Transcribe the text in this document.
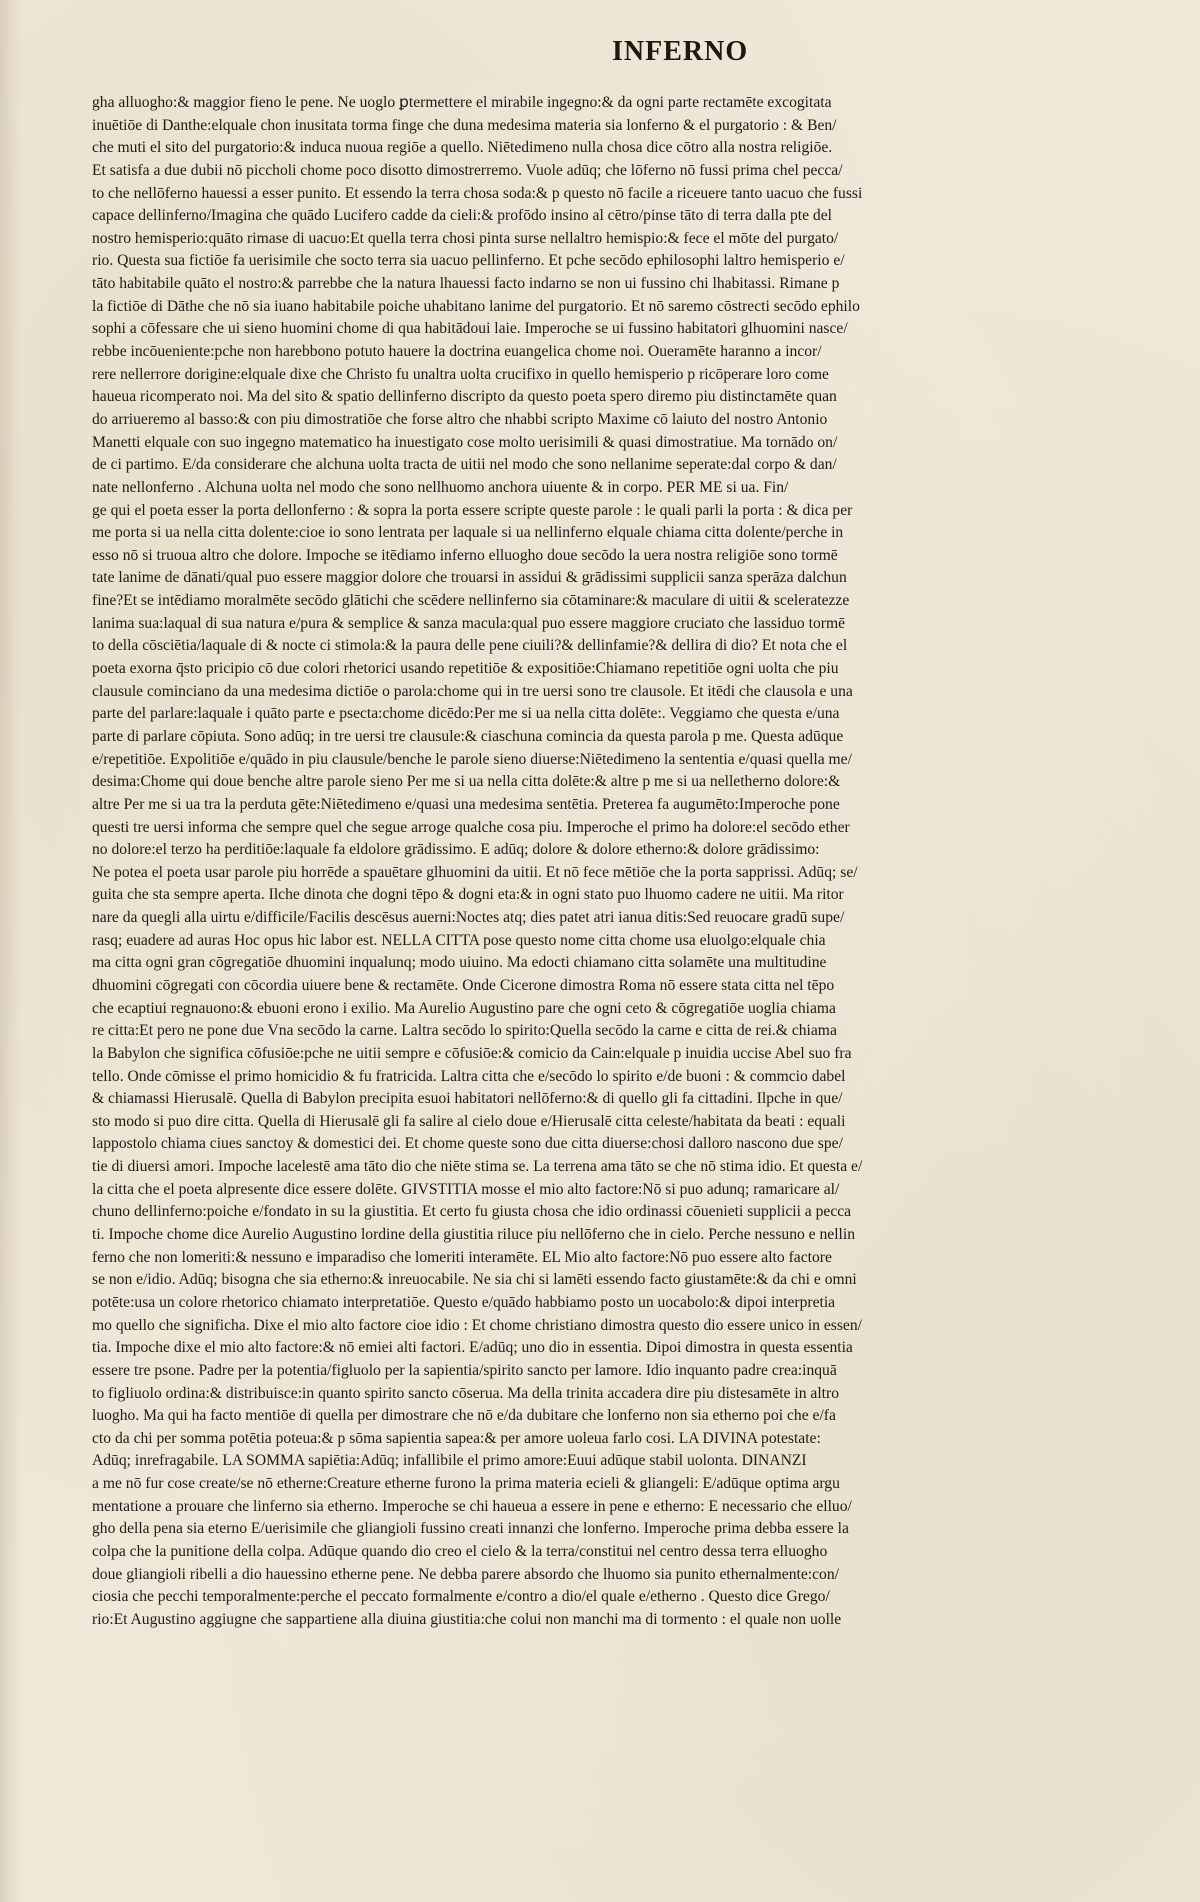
INFERNO
gha alluogho:& maggior fieno le pene. Ne uoglo ꝑtermettere el mirabile ingegno:& da ogni parte rectamēte excogitata
inuētiōe di Danthe:elquale chon inusitata torma finge che duna medesima materia sia lonferno & el purgatorio : & Ben/
che muti el sito del purgatorio:& induca nuoua regiōe a quello. Niētedimeno nulla chosa dice cōtro alla nostra religiōe.
Et satisfa a due dubii nō piccholi chome poco disotto dimostrerremo. Vuole adūq; che lōferno nō fussi prima chel pecca/
to che nellōferno hauessi a esser punito. Et essendo la terra chosa soda:& p questo nō facile a riceuere tanto uacuo che fussi
capace dellinferno/Imagina che quādo Lucifero cadde da cieli:& profōdo insino al cētro/pinse tāto di terra dalla pte del
nostro hemisperio:quāto rimase di uacuo:Et quella terra chosi pinta surse nellaltro hemispio:& fece el mōte del purgato/
rio. Questa sua fictiōe fa uerisimile che socto terra sia uacuo pellinferno. Et pche secōdo ephilosophi laltro hemisperio e/
tāto habitabile quāto el nostro:& parrebbe che la natura lhauessi facto indarno se non ui fussino chi lhabitassi. Rimane p
la fictiōe di Dāthe che nō sia iuano habitabile poiche uhabitano lanime del purgatorio. Et nō saremo cōstrecti secōdo ephilo
sophi a cōfessare che ui sieno huomini chome di qua habitādoui laie. Imperoche se ui fussino habitatori glhuomini nasce/
rebbe incōueniente:pche non harebbono potuto hauere la doctrina euangelica chome noi. Oueramēte haranno a incor/
rere nellerrore dorigine:elquale dixe che Christo fu unaltra uolta crucifixo in quello hemisperio p ricōperare loro come
haueua ricomperato noi. Ma del sito & spatio dellinferno discripto da questo poeta spero diremo piu distinctamēte quan
do arriueremo al basso:& con piu dimostratiōe che forse altro che nhabbi scripto Maxime cō laiuto del nostro Antonio
Manetti elquale con suo ingegno matematico ha inuestigato cose molto uerisimili & quasi dimostratiue. Ma tornādo on/
de ci partimo. E/da considerare che alchuna uolta tracta de uitii nel modo che sono nellanime seperate:dal corpo & dan/
nate nellonferno . Alchuna uolta nel modo che sono nellhuomo anchora uiuente & in corpo. PER ME si ua. Fin/
ge qui el poeta esser la porta dellonferno : & sopra la porta essere scripte queste parole : le quali parli la porta : & dica per
me porta si ua nella citta dolente:cioe io sono lentrata per laquale si ua nellinferno elquale chiama citta dolente/perche in
esso nō si truoua altro che dolore. Impoche se itēdiamo inferno elluogho doue secōdo la uera nostra religiōe sono tormē
tate lanime de dānati/qual puo essere maggior dolore che trouarsi in assidui & grādissimi supplicii sanza sperāza dalchun
fine?Et se intēdiamo moralmēte secōdo glātichi che scēdere nellinferno sia cōtaminare:& maculare di uitii & sceleratezze
lanima sua:laqual di sua natura e/pura & semplice & sanza macula:qual puo essere maggiore cruciato che lassiduo tormē
to della cōsciētia/laquale di & nocte ci stimola:& la paura delle pene ciuili?& dellinfamie?& dellira di dio? Et nota che el
poeta exorna q̄sto pricipio cō due colori rhetorici usando repetitiōe & expositiōe:Chiamano repetitiōe ogni uolta che piu
clausule cominciano da una medesima dictiōe o parola:chome qui in tre uersi sono tre clausole. Et itēdi che clausola e una
parte del parlare:laquale i quāto parte e psecta:chome dicēdo:Per me si ua nella citta dolēte:. Veggiamo che questa e/una
parte di parlare cōpiuta. Sono adūq; in tre uersi tre clausule:& ciaschuna comincia da questa parola p me. Questa adūque
e/repetitiōe. Expolitiōe e/quādo in piu clausule/benche le parole sieno diuerse:Niētedimeno la sententia e/quasi quella me/
desima:Chome qui doue benche altre parole sieno Per me si ua nella citta dolēte:& altre p me si ua nelletherno dolore:&
altre Per me si ua tra la perduta gēte:Niētedimeno e/quasi una medesima sentētia. Preterea fa augumēto:Imperoche pone
questi tre uersi informa che sempre quel che segue arroge qualche cosa piu. Imperoche el primo ha dolore:el secōdo ether
no dolore:el terzo ha perditiōe:laquale fa eldolore grādissimo. E adūq; dolore & dolore etherno:& dolore grādissimo:
Ne potea el poeta usar parole piu horrēde a spauētare glhuomini da uitii. Et nō fece mētiōe che la porta sapprissi. Adūq; se/
guita che sta sempre aperta. Ilche dinota che dogni tēpo & dogni eta:& in ogni stato puo lhuomo cadere ne uitii. Ma ritor
nare da quegli alla uirtu e/difficile/Facilis descēsus auerni:Noctes atq; dies patet atri ianua ditis:Sed reuocare gradū supe/
rasq; euadere ad auras Hoc opus hic labor est. NELLA CITTA pose questo nome citta chome usa eluolgo:elquale chia
ma citta ogni gran cōgregatiōe dhuomini inqualunq; modo uiuino. Ma edocti chiamano citta solamēte una multitudine
dhuomini cōgregati con cōcordia uiuere bene & rectamēte. Onde Cicerone dimostra Roma nō essere stata citta nel tēpo
che ecaptiui regnauono:& ebuoni erono i exilio. Ma Aurelio Augustino pare che ogni ceto & cōgregatiōe uoglia chiama
re citta:Et pero ne pone due Vna secōdo la carne. Laltra secōdo lo spirito:Quella secōdo la carne e citta de rei.& chiama
la Babylon che significa cōfusiōe:pche ne uitii sempre e cōfusiōe:& comicio da Cain:elquale p inuidia uccise Abel suo fra
tello. Onde cōmisse el primo homicidio & fu fratricida. Laltra citta che e/secōdo lo spirito e/de buoni : & commcio dabel
& chiamassi Hierusalē. Quella di Babylon precipita esuoi habitatori nellōferno:& di quello gli fa cittadini. Ilpche in que/
sto modo si puo dire citta. Quella di Hierusalē gli fa salire al cielo doue e/Hierusalē citta celeste/habitata da beati : equali
lappostolo chiama ciues sanctoy & domestici dei. Et chome queste sono due citta diuerse:chosi dalloro nascono due spe/
tie di diuersi amori. Impoche lacelestē ama tāto dio che niēte stima se. La terrena ama tāto se che nō stima idio. Et questa e/
la citta che el poeta alpresente dice essere dolēte. GIVSTITIA mosse el mio alto factore:Nō si puo adunq; ramaricare al/
chuno dellinferno:poiche e/fondato in su la giustitia. Et certo fu giusta chosa che idio ordinassi cōuenieti supplicii a pecca
ti. Impoche chome dice Aurelio Augustino lordine della giustitia riluce piu nellōferno che in cielo. Perche nessuno e nellin
ferno che non lomeriti:& nessuno e imparadiso che lomeriti interamēte. EL Mio alto factore:Nō puo essere alto factore
se non e/idio. Adūq; bisogna che sia etherno:& inreuocabile. Ne sia chi si lamēti essendo facto giustamēte:& da chi e omni
potēte:usa un colore rhetorico chiamato interpretatiōe. Questo e/quādo habbiamo posto un uocabolo:& dipoi interpretia
mo quello che significha. Dixe el mio alto factore cioe idio : Et chome christiano dimostra questo dio essere unico in essen/
tia. Impoche dixe el mio alto factore:& nō emiei alti factori. E/adūq; uno dio in essentia. Dipoi dimostra in questa essentia
essere tre psone. Padre per la potentia/figluolo per la sapientia/spirito sancto per lamore. Idio inquanto padre crea:inquā
to figliuolo ordina:& distribuisce:in quanto spirito sancto cōserua. Ma della trinita accadera dire piu distesamēte in altro
luogho. Ma qui ha facto mentiōe di quella per dimostrare che nō e/da dubitare che lonferno non sia etherno poi che e/fa
cto da chi per somma potētia poteua:& p sōma sapientia sapea:& per amore uoleua farlo cosi. LA DIVINA potestate:
Adūq; inrefragabile. LA SOMMA sapiētia:Adūq; infallibile el primo amore:Euui adūque stabil uolonta. DINANZI
a me nō fur cose create/se nō etherne:Creature etherne furono la prima materia ecieli & gliangeli: E/adūque optima argu
mentatione a prouare che linferno sia etherno. Imperoche se chi haueua a essere in pene e etherno: E necessario che elluo/
gho della pena sia eterno E/uerisimile che gliangioli fussino creati innanzi che lonferno. Imperoche prima debba essere la
colpa che la punitione della colpa. Adūque quando dio creo el cielo & la terra/constitui nel centro dessa terra elluogho
doue gliangioli ribelli a dio hauessino etherne pene. Ne debba parere absordo che lhuomo sia punito ethernalmente:con/
ciosia che pecchi temporalmente:perche el peccato formalmente e/contro a dio/el quale e/etherno . Questo dice Grego/
rio:Et Augustino aggiugne che sappartiene alla diuina giustitia:che colui non manchi ma di tormento : el quale non uolle
